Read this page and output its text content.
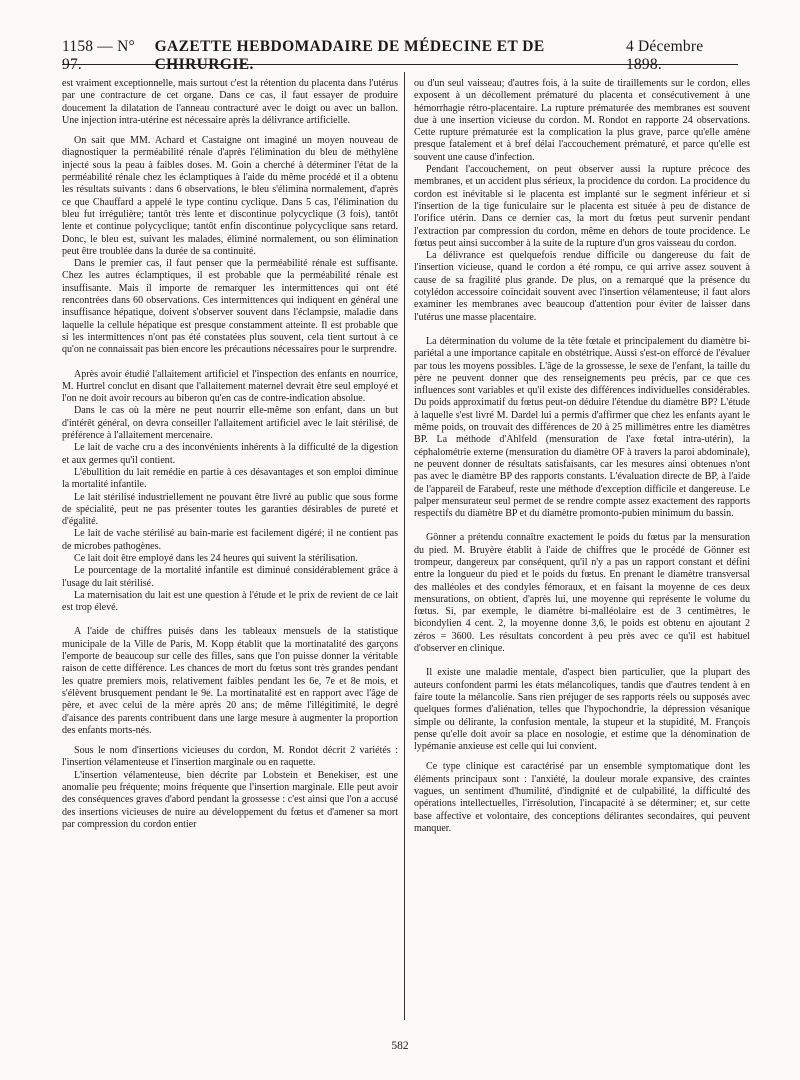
1158 — N° 97.
GAZETTE HEBDOMADAIRE DE MÉDECINE ET DE CHIRURGIE.
4 Décembre 1898.

est vraiment exceptionnelle, mais surtout c'est la rétention du placenta dans l'utérus par une contracture de cet organe. Dans ce cas, il faut essayer de produire doucement la dilatation de l'anneau contracturé avec le doigt ou avec un ballon. Une injection intra-utérine est nécessaire après la délivrance artificielle.

On sait que MM. Achard et Castaigne ont imaginé un moyen nouveau de diagnostiquer la perméabilité rénale d'après l'élimination du bleu de méthylène injecté sous la peau à faibles doses. M. Goin a cherché à déterminer l'état de la perméabilité rénale chez les éclamptiques à l'aide du même procédé et il a obtenu les résultats suivants : dans 6 observations, le bleu s'élimina normalement, d'après ce que Chauffard a appelé le type continu cyclique. Dans 5 cas, l'élimination du bleu fut irrégulière; tantôt très lente et discontinue polycyclique (3 fois), tantôt lente et continue polycyclique; tantôt enfin discontinue polycyclique sans retard. Donc, le bleu est, suivant les malades, éliminé normalement, ou son élimination peut être troublée dans la durée de sa continuité.

Dans le premier cas, il faut penser que la perméabilité rénale est suffisante. Chez les autres éclamptiques, il est probable que la perméabilité rénale est insuffisante. Mais il importe de remarquer les intermittences qui ont été rencontrées dans 60 observations. Ces intermittences qui indiquent en général une insuffisance hépatique, doivent s'observer souvent dans l'éclampsie, maladie dans laquelle la cellule hépatique est presque constamment atteinte. Il est probable que si les intermittences n'ont pas été constatées plus souvent, cela tient surtout à ce qu'on ne connaissait pas bien encore les précautions nécessaires pour le surprendre.

Après avoir étudié l'allaitement artificiel et l'inspection des enfants en nourrice, M. Hurtrel conclut en disant que l'allaitement maternel devrait être seul employé et l'on ne doit avoir recours au biberon qu'en cas de contre-indication absolue.

Dans le cas où la mère ne peut nourrir elle-même son enfant, dans un but d'intérêt général, on devra conseiller l'allaitement artificiel avec le lait stérilisé, de préférence à l'allaitement mercenaire.

Le lait de vache cru a des inconvénients inhérents à la difficulté de la digestion et aux germes qu'il contient.

L'ébullition du lait remédie en partie à ces désavantages et son emploi diminue la mortalité infantile.

Le lait stérilisé industriellement ne pouvant être livré au public que sous forme de spécialité, peut ne pas présenter toutes les garanties désirables de pureté et d'égalité.

Le lait de vache stérilisé au bain-marie est facilement digéré; il ne contient pas de microbes pathogènes.

Ce lait doit être employé dans les 24 heures qui suivent la stérilisation.

Le pourcentage de la mortalité infantile est diminué considérablement grâce à l'usage du lait stérilisé.

La maternisation du lait est une question à l'étude et le prix de revient de ce lait est trop élevé.

A l'aide de chiffres puisés dans les tableaux mensuels de la statistique municipale de la Ville de Paris, M. Kopp établit que la mortinatalité des garçons l'emporte de beaucoup sur celle des filles, sans que l'on puisse donner la véritable raison de cette différence. Les chances de mort du fœtus sont très grandes pendant les quatre premiers mois, relativement faibles pendant les 6e, 7e et 8e mois, et s'élèvent brusquement pendant le 9e. La mortinatalité est en rapport avec l'âge de père, et avec celui de la mère après 20 ans; de même l'illégitimité, le degré d'aisance des parents contribuent dans une large mesure à augmenter la proportion des enfants morts-nés.

Sous le nom d'insertions vicieuses du cordon, M. Rondot décrit 2 variétés : l'insertion vélamenteuse et l'insertion marginale ou en raquette.

L'insertion vélamenteuse, bien décrite par Lobstein et Benekiser, est une anomalie peu fréquente; moins fréquente que l'insertion marginale. Elle peut avoir des conséquences graves d'abord pendant la grossesse : c'est ainsi que l'on a accusé des insertions vicieuses de nuire au développement du fœtus et d'amener sa mort par compression du cordon entier

ou d'un seul vaisseau; d'autres fois, à la suite de tiraillements sur le cordon, elles exposent à un décollement prématuré du placenta et consécutivement à une hémorrhagie rétro-placentaire. La rupture prématurée des membranes est souvent due à une insertion vicieuse du cordon. M. Rondot en rapporte 24 observations. Cette rupture prématurée est la complication la plus grave, parce qu'elle amène presque fatalement et à bref délai l'accouchement prématuré, et parce qu'elle est souvent une cause d'infection.

Pendant l'accouchement, on peut observer aussi la rupture précoce des membranes, et un accident plus sérieux, la procidence du cordon. La procidence du cordon est inévitable si le placenta est implanté sur le segment inférieur et si l'insertion de la tige funiculaire sur le placenta est située à peu de distance de l'orifice utérin. Dans ce dernier cas, la mort du fœtus peut survenir pendant l'extraction par compression du cordon, même en dehors de toute procidence. Le fœtus peut ainsi succomber à la suite de la rupture d'un gros vaisseau du cordon.

La délivrance est quelquefois rendue difficile ou dangereuse du fait de l'insertion vicieuse, quand le cordon a été rompu, ce qui arrive assez souvent à cause de sa fragilité plus grande. De plus, on a remarqué que la présence du cotylédon accessoire coïncidait souvent avec l'insertion vélamenteuse; il faut alors examiner les membranes avec beaucoup d'attention pour éviter de laisser dans l'utérus une masse placentaire.

La détermination du volume de la tête fœtale et principalement du diamètre bi-pariétal a une importance capitale en obstétrique. Aussi s'est-on efforcé de l'évaluer par tous les moyens possibles. L'âge de la grossesse, le sexe de l'enfant, la taille du père ne peuvent donner que des renseignements peu précis, par ce que ces influences sont variables et qu'il existe des différences individuelles considérables. Du poids approximatif du fœtus peut-on déduire l'étendue du diamètre BP? L'étude à laquelle s'est livré M. Dardel lui a permis d'affirmer que chez les enfants ayant le même poids, on trouvait des différences de 20 à 25 millimètres entre les diamètres BP. La méthode d'Ahlfeld (mensuration de l'axe fœtal intra-utérin), la céphalométrie externe (mensuration du diamètre OF à travers la paroi abdominale), ne peuvent donner de résultats satisfaisants, car les mesures ainsi obtenues n'ont pas avec le diamètre BP des rapports constants. L'évaluation directe de BP, à l'aide de l'appareil de Farabeuf, reste une méthode d'exception difficile et dangereuse. Le palper mensurateur seul permet de se rendre compte assez exactement des rapports respectifs du diamètre BP et du diamètre promonto-pubien minimum du bassin.

Gönner a prétendu connaître exactement le poids du fœtus par la mensuration du pied. M. Bruyère établit à l'aide de chiffres que le procédé de Gönner est trompeur, dangereux par conséquent, qu'il n'y a pas un rapport constant et défini entre la longueur du pied et le poids du fœtus. En prenant le diamètre transversal des malléoles et des condyles fémoraux, et en faisant la moyenne de ces deux mensurations, on obtient, d'après lui, une moyenne qui représente le volume du fœtus. Si, par exemple, le diamètre bi-malléolaire est de 3 centimètres, le bicondylien 4 cent. 2, la moyenne donne 3,6, le poids est obtenu en ajoutant 2 zéros = 3600. Les résultats concordent à peu près avec ce qu'il est habituel d'observer en clinique.

Il existe une maladie mentale, d'aspect bien particulier, que la plupart des auteurs confondent parmi les états mélancoliques, tandis que d'autres tendent à en faire toute la mélancolie. Sans rien préjuger de ses rapports réels ou supposés avec quelques formes d'aliénation, telles que l'hypochondrie, la dépression vésanique simple ou délirante, la confusion mentale, la stupeur et la stupidité, M. François pense qu'elle doit avoir sa place en nosologie, et estime que la dénomination de lypémanie anxieuse est celle qui lui convient.

Ce type clinique est caractérisé par un ensemble symptomatique dont les éléments principaux sont : l'anxiété, la douleur morale expansive, des craintes vagues, un sentiment d'humilité, d'indignité et de culpabilité, la difficulté des opérations intellectuelles, l'irrésolution, l'incapacité à se déterminer; et, sur cette base affective et volontaire, des conceptions délirantes secondaires, qui peuvent manquer.

582
